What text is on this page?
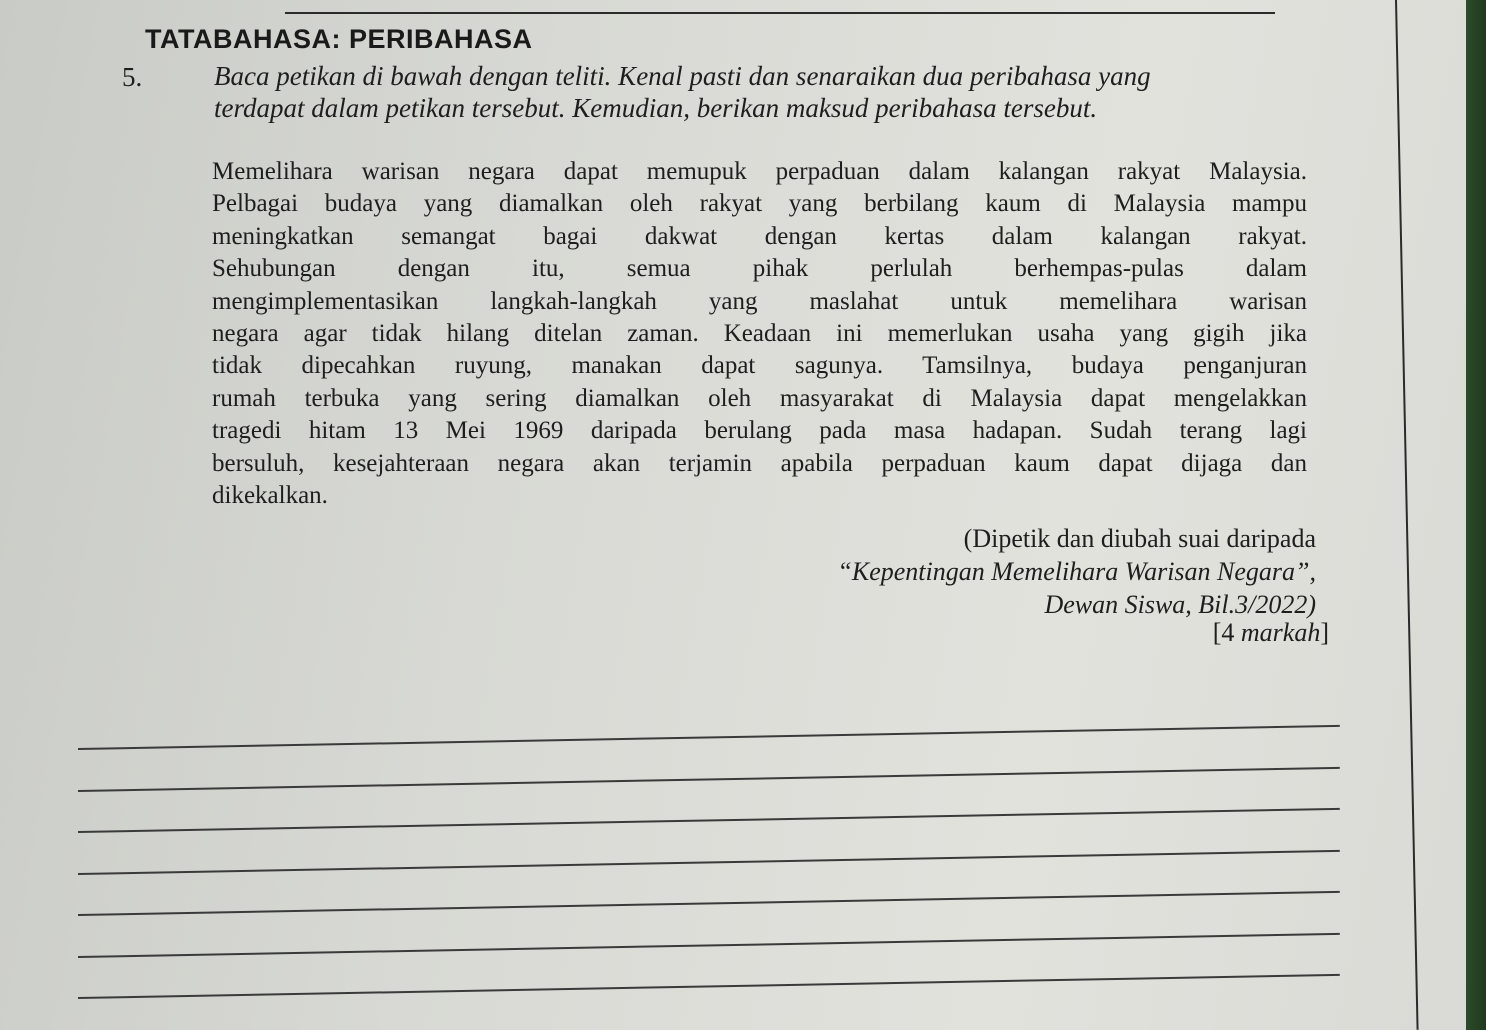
TATABAHASA: PERIBAHASA
5.	Baca petikan di bawah dengan teliti. Kenal pasti dan senaraikan dua peribahasa yang
terdapat dalam petikan tersebut. Kemudian, berikan maksud peribahasa tersebut.
Memelihara warisan negara dapat memupuk perpaduan dalam kalangan rakyat Malaysia.
Pelbagai budaya yang diamalkan oleh rakyat yang berbilang kaum di Malaysia mampu
meningkatkan semangat bagai dakwat dengan kertas dalam kalangan rakyat.
Sehubungan dengan itu, semua pihak perlulah berhempas-pulas dalam
mengimplementasikan langkah-langkah yang maslahat untuk memelihara warisan
negara agar tidak hilang ditelan zaman. Keadaan ini memerlukan usaha yang gigih jika
tidak dipecahkan ruyung, manakan dapat sagunya. Tamsilnya, budaya penganjuran
rumah terbuka yang sering diamalkan oleh masyarakat di Malaysia dapat mengelakkan
tragedi hitam 13 Mei 1969 daripada berulang pada masa hadapan. Sudah terang lagi
bersuluh, kesejahteraan negara akan terjamin apabila perpaduan kaum dapat dijaga dan
dikekalkan.
(Dipetik dan diubah suai daripada
“Kepentingan Memelihara Warisan Negara”,
Dewan Siswa, Bil.3/2022)
[4 markah]
